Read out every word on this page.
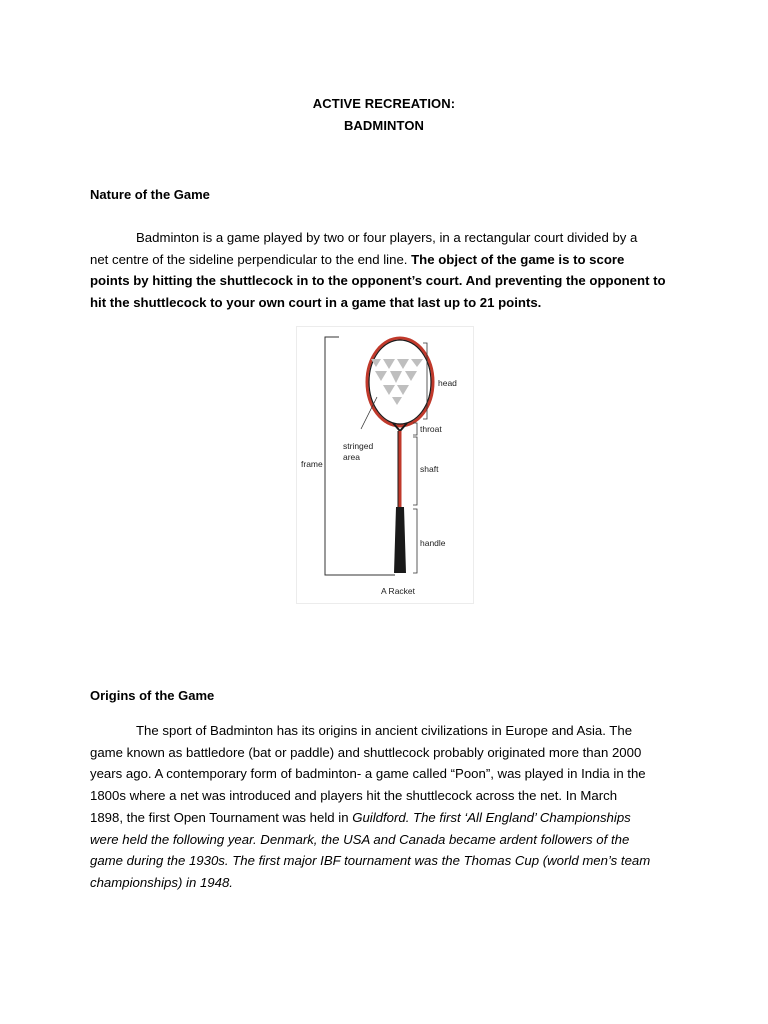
ACTIVE RECREATION:
BADMINTON
Nature of the Game
Badminton is a game played by two or four players, in a rectangular court divided by a
net centre of the sideline perpendicular to the end line. The object of the game is to score
points by hitting the shuttlecock in to the opponent’s court. And preventing the opponent to
hit the shuttlecock to your own court in a game that last up to 21 points.
head
throat
stringed
area
frame	shaft
handle
A Racket
Origins of the Game
The sport of Badminton has its origins in ancient civilizations in Europe and Asia. The
game known as battledore (bat or paddle) and shuttlecock probably originated more than 2000
years ago. A contemporary form of badminton- a game called “Poon”, was played in India in the
1800s where a net was introduced and players hit the shuttlecock across the net. In March
1898, the first Open Tournament was held in Guildford. The first ‘All England’ Championships
were held the following year. Denmark, the USA and Canada became ardent followers of the
game during the 1930s. The first major IBF tournament was the Thomas Cup (world men’s team
championships) in 1948.
